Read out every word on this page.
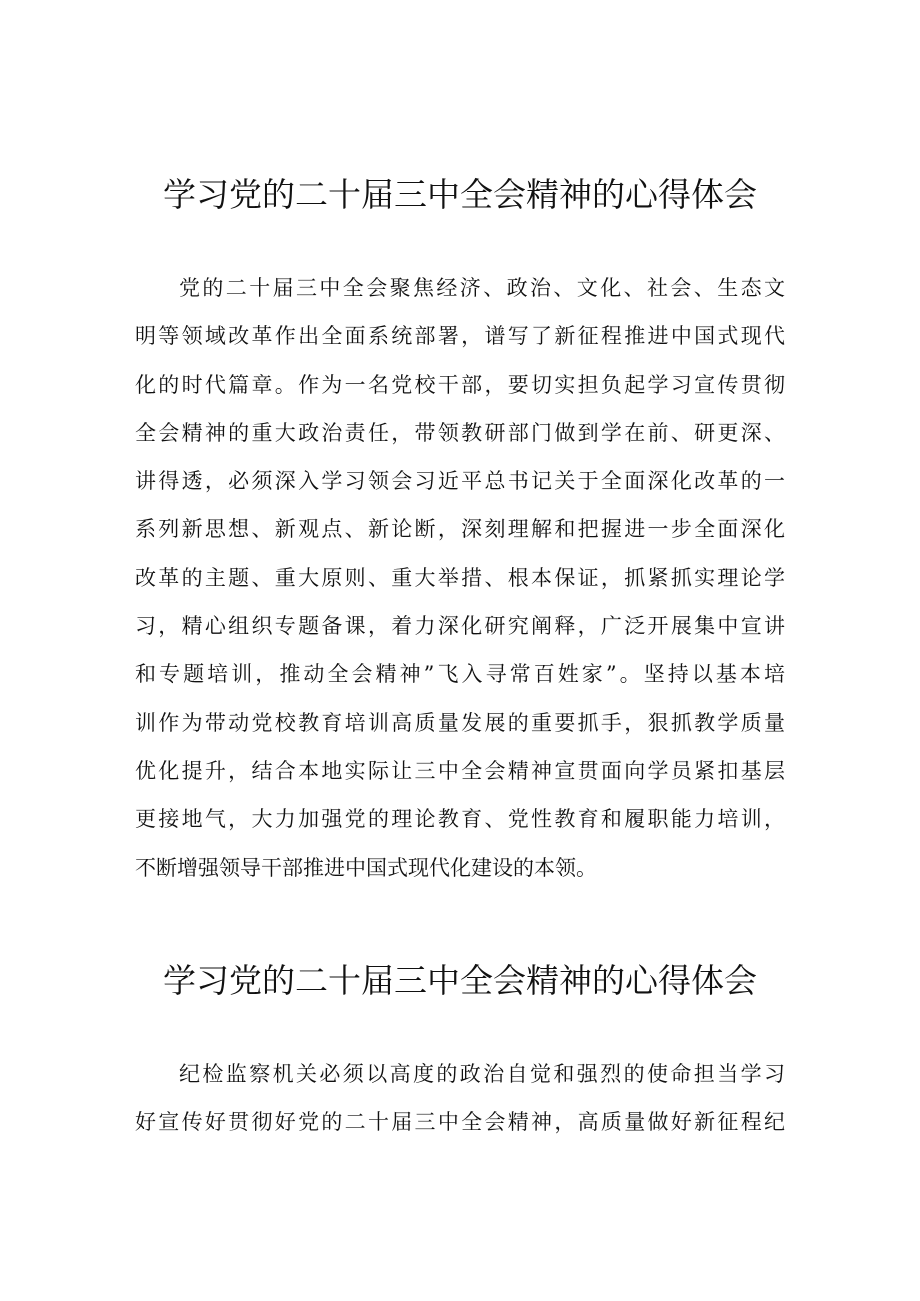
学习党的二十届三中全会精神的心得体会
党的二十届三中全会聚焦经济、政治、文化、社会、生态文
明等领域改革作出全面系统部署，谱写了新征程推进中国式现代
化的时代篇章。作为一名党校干部，要切实担负起学习宣传贯彻
全会精神的重大政治责任，带领教研部门做到学在前、研更深、
讲得透，必须深入学习领会习近平总书记关于全面深化改革的一
系列新思想、新观点、新论断，深刻理解和把握进一步全面深化
改革的主题、重大原则、重大举措、根本保证，抓紧抓实理论学
习，精心组织专题备课，着力深化研究阐释，广泛开展集中宣讲
和专题培训，推动全会精神”飞入寻常百姓家”。坚持以基本培
训作为带动党校教育培训高质量发展的重要抓手，狠抓教学质量
优化提升，结合本地实际让三中全会精神宣贯面向学员紧扣基层
更接地气，大力加强党的理论教育、党性教育和履职能力培训，
不断增强领导干部推进中国式现代化建设的本领。
学习党的二十届三中全会精神的心得体会
纪检监察机关必须以高度的政治自觉和强烈的使命担当学习
好宣传好贯彻好党的二十届三中全会精神，高质量做好新征程纪
